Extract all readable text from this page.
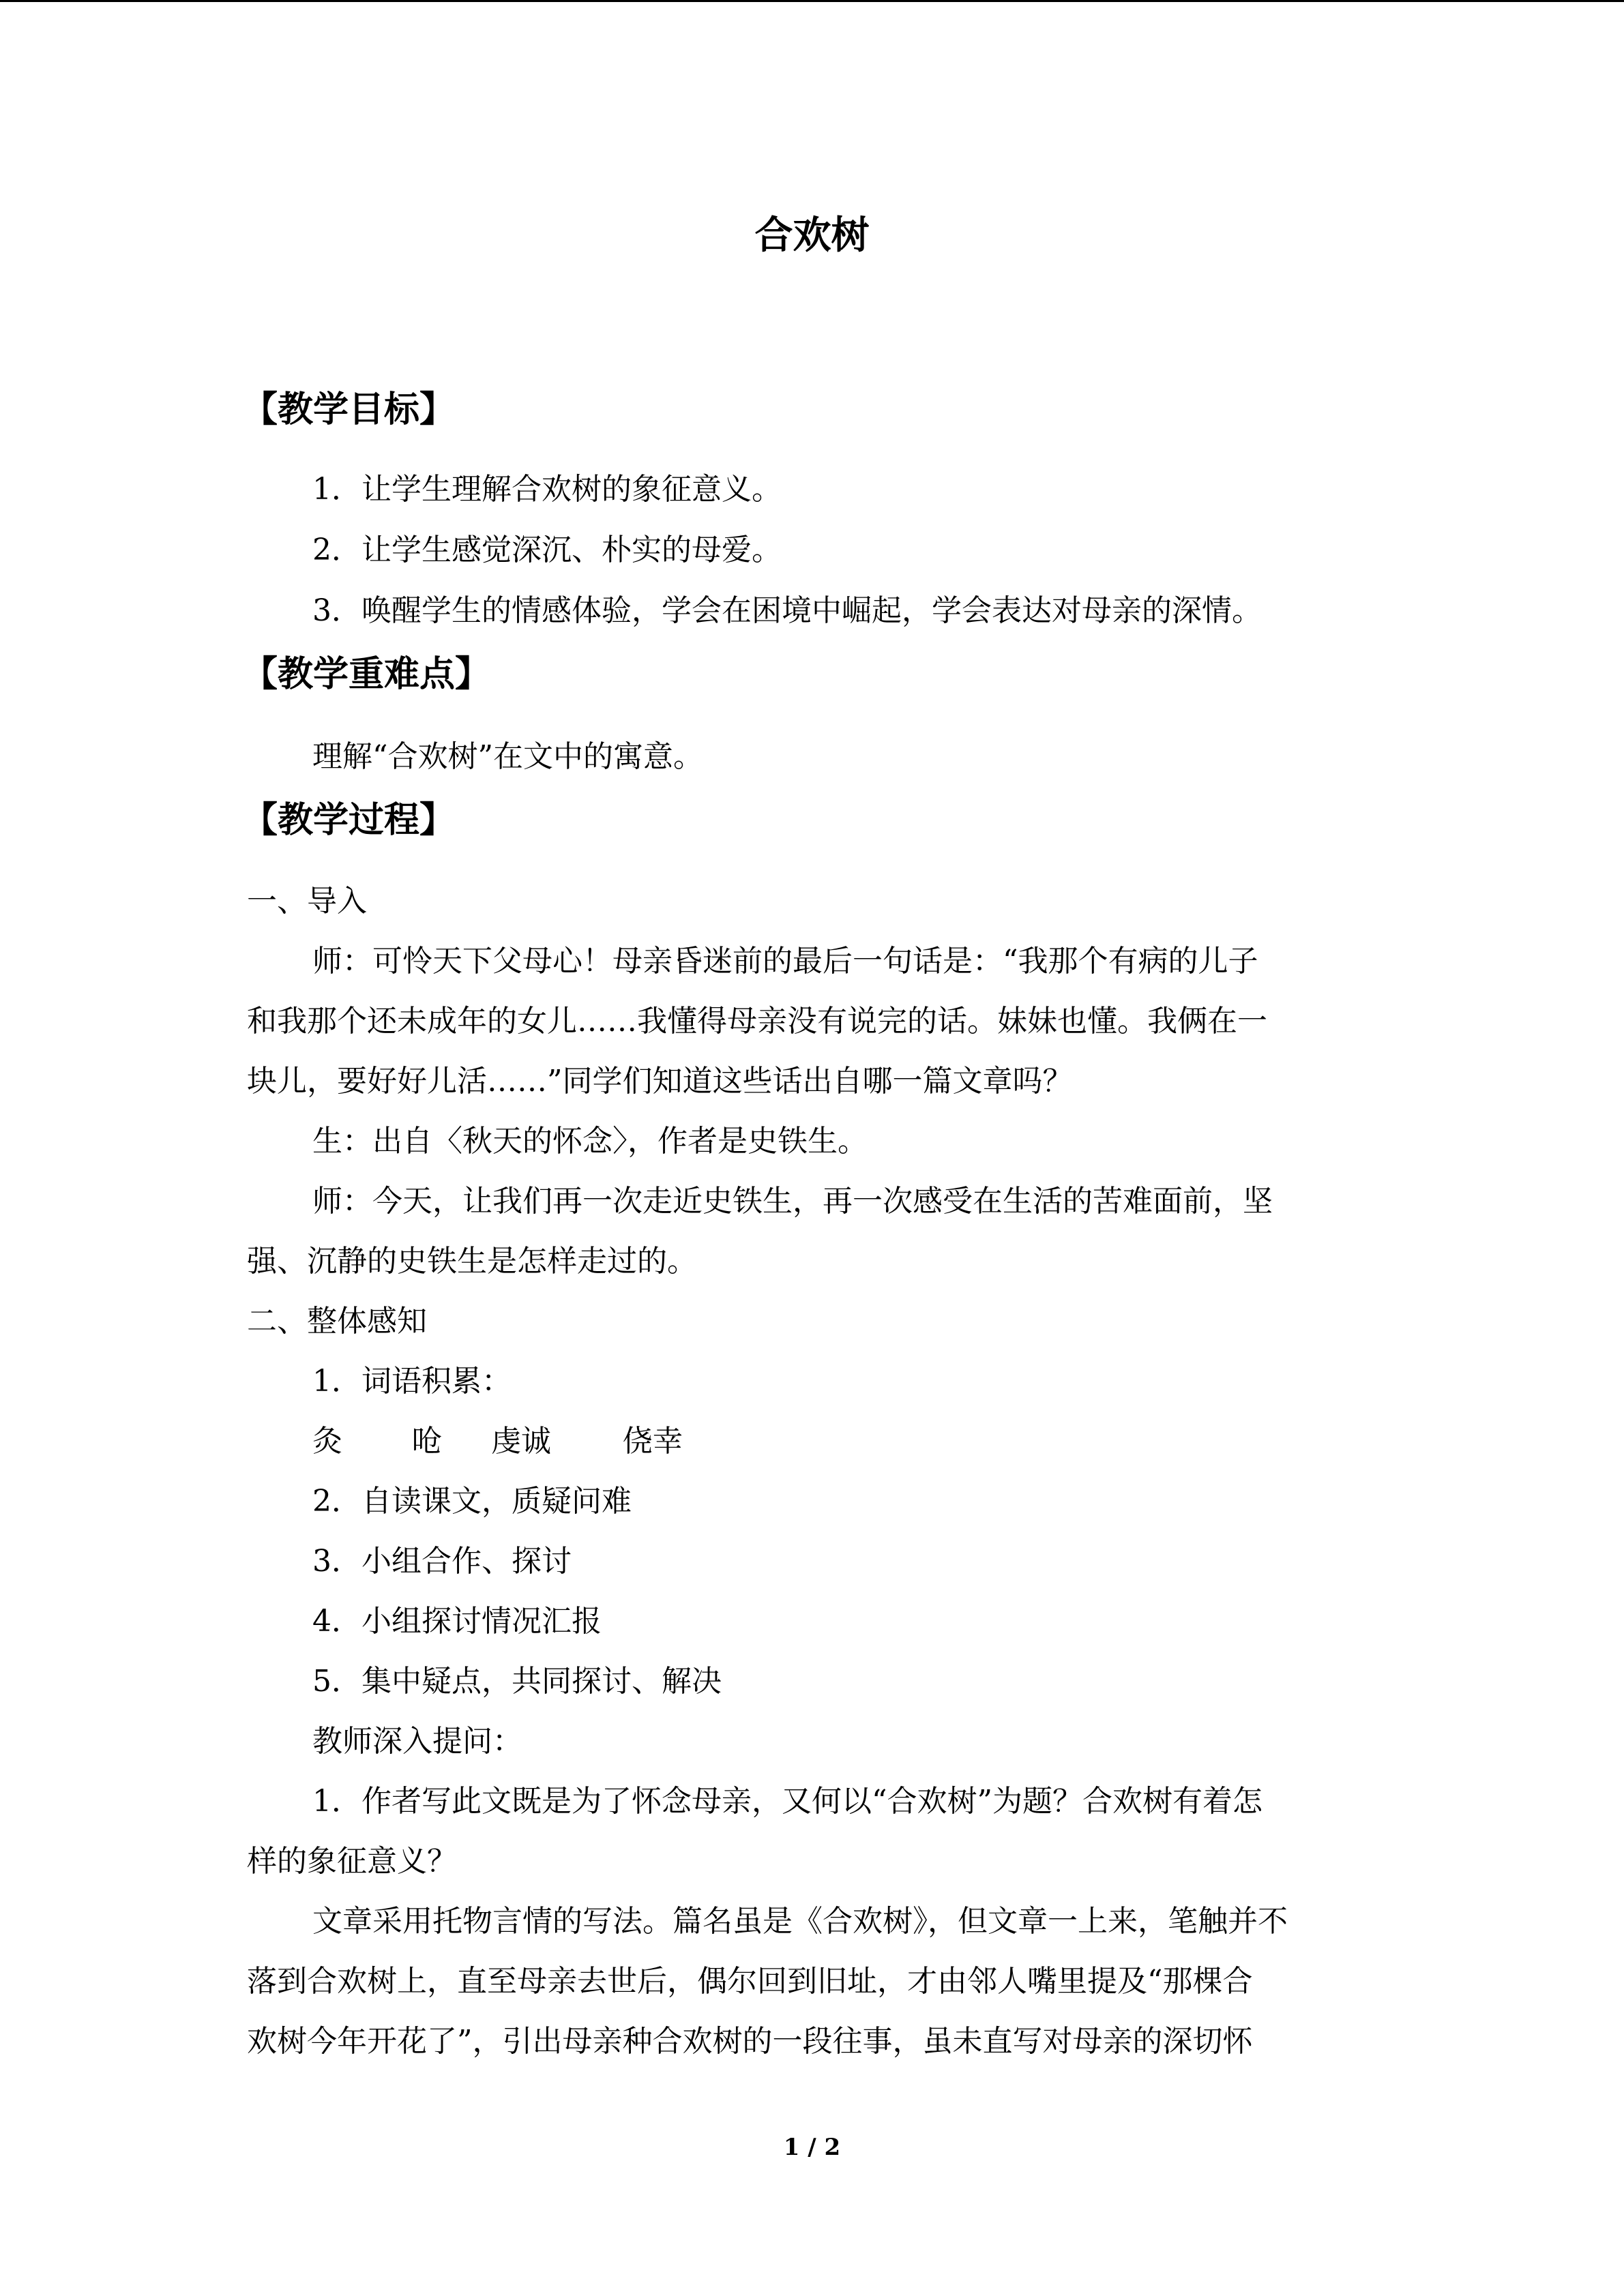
合欢树
【教学目标】
1．让学生理解合欢树的象征意义。
2．让学生感觉深沉、朴实的母爱。
3．唤醒学生的情感体验，学会在困境中崛起，学会表达对母亲的深情。
【教学重难点】
理解“合欢树”在文中的寓意。
【教学过程】
一、导入
师：可怜天下父母心！母亲昏迷前的最后一句话是：“我那个有病的儿子
和我那个还未成年的女儿……我懂得母亲没有说完的话。妹妹也懂。我俩在一
块儿，要好好儿活……”同学们知道这些话出自哪一篇文章吗？
生：出自〈秋天的怀念〉，作者是史铁生。
师：今天，让我们再一次走近史铁生，再一次感受在生活的苦难面前，坚
强、沉静的史铁生是怎样走过的。
二、整体感知
1．词语积累：
灸 呛 虔诚 侥幸
2．自读课文，质疑问难
3．小组合作、探讨
4．小组探讨情况汇报
5．集中疑点，共同探讨、解决
教师深入提问：
1．作者写此文既是为了怀念母亲，又何以“合欢树”为题？合欢树有着怎
样的象征意义？
文章采用托物言情的写法。篇名虽是《合欢树》，但文章一上来，笔触并不
落到合欢树上，直至母亲去世后，偶尔回到旧址，才由邻人嘴里提及“那棵合
欢树今年开花了”，引出母亲种合欢树的一段往事，虽未直写对母亲的深切怀
1 / 2
